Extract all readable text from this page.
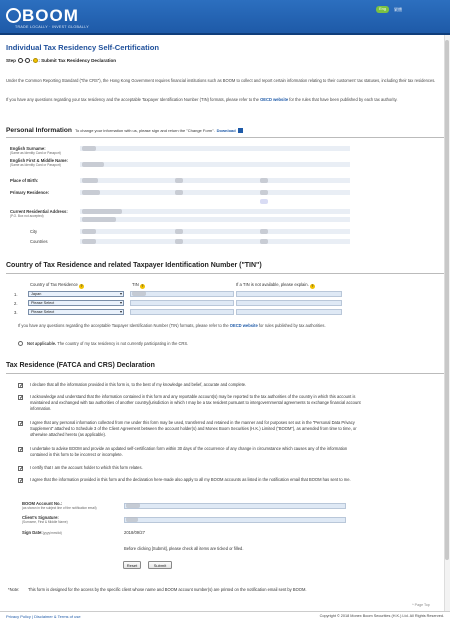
BOOM
TRADE LOCALLY · INVEST GLOBALLY
Eng	繁體
Individual Tax Residency Self-Certification
Step - - : Submit Tax Residency Declaration
Under the Common Reporting Standard ("the CRS"), the Hong Kong Government requires financial institutions such as BOOM to collect and report certain information relating to their customers' tax statuses, including their tax residences.
If you have any questions regarding your tax residency and the acceptable Taxpayer Identification Number (TIN) formats, please refer to the OECD website for the rules that have been published by each tax authority.
Personal Information To change your information with us, please sign and return the "Change Form". Download
English Surname:
(Same as Identity Card or Passport)
English First & Middle Name:
(Same as Identity Card or Passport)
Place of Birth:
Primary Residence:
Current Residential Address:
(P.O. Box not accepted)
City
Countries
Country of Tax Residence and related Taxpayer Identification Number ("TIN")
Country of Tax Residence ?	TIN ?	If a TIN is not available, please explain. ?
1.	Japan ▾
2.	Please Select ▾
3.	Please Select ▾
If you have any questions regarding the acceptable Taxpayer Identification Number (TIN) formats, please refer to the OECD website for rules published by tax authorities.
Not applicable. The country of my tax residency is not currently participating in the CRS.
Tax Residence (FATCA and CRS) Declaration
✓
I declare that all the information provided in this form is, to the best of my knowledge and belief, accurate and complete.
✓
I acknowledge and understand that the information contained in this form and any reportable account(s) may be reported to the tax authorities of the country in which this account is maintained and exchanged with tax authorities of another country/jurisdiction in which I may be a tax resident pursuant to intergovernmental agreements to exchange financial account information.
✓
I agree that any personal information collected from me under this form may be used, transferred and retained in the manner and for purposes set out in the "Personal Data Privacy Supplement" attached to Schedule 3 of the Client Agreement between the account holder(s) and Monex Boom Securities (H.K.) Limited ("BOOM"), as amended from time to time, or otherwise attached hereto (as applicable).
✓
I undertake to advise BOOM and provide an updated self-certification form within 30 days of the occurrence of any change in circumstance which causes any of the information contained in this form to be incorrect or incomplete.
✓
I certify that I am the account holder to which this form relates.
✓
I agree that the information provided in this form and the declaration here-made also apply to all my BOOM accounts as listed in the notification email that BOOM has sent to me.
BOOM Account No.:
(as shown in the subject line of the notification email)
Client's Signature:
(Surname, First & Middle Name)
Sign Date:(yyyy/mm/dd)	2018/09/27
Before clicking [Submit], please check all items are ticked or filled.
Reset	Submit
*Note: This form is designed for the access by the specific client whose name and BOOM account number(s) are printed on the notification email sent by BOOM.
^ Page Top
Privacy Policy | Disclaimer & Terms of use	Copyright © 2018 Monex Boom Securities (H.K.) Ltd. All Rights Reserved.
